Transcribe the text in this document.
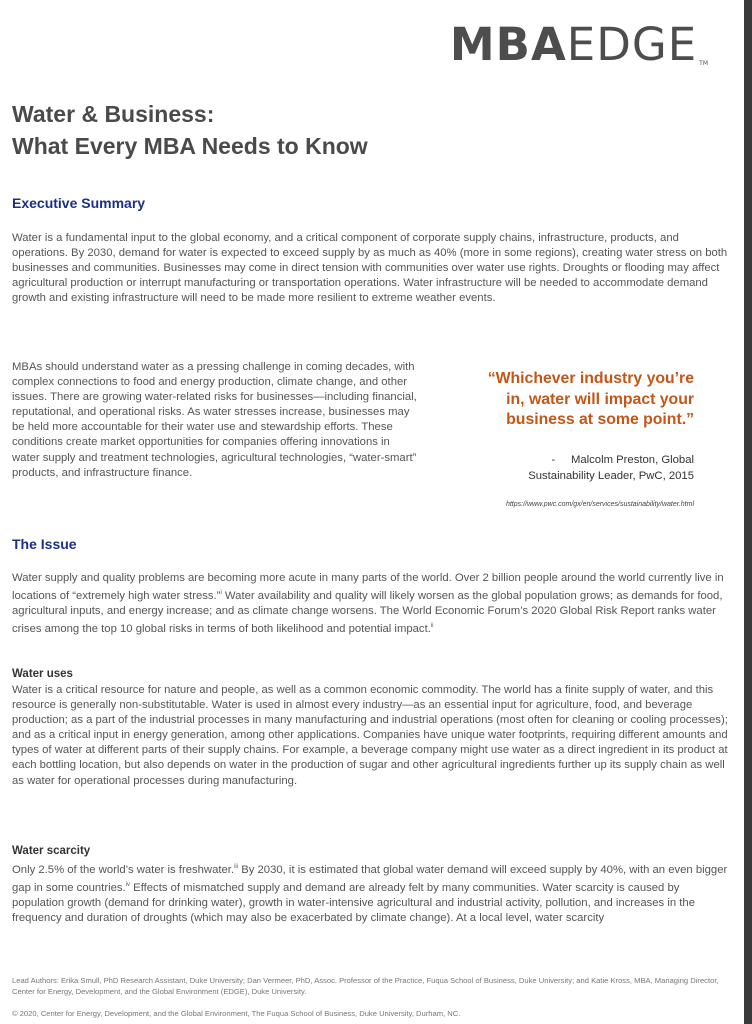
MBAEDGE TM
Water & Business:
What Every MBA Needs to Know
Executive Summary

Water is a fundamental input to the global economy, and a critical component of corporate supply chains, infrastructure, products, and operations. By 2030, demand for water is expected to exceed supply by as much as 40% (more in some regions), creating water stress on both businesses and communities. Businesses may come in direct tension with communities over water use rights. Droughts or flooding may affect agricultural production or interrupt manufacturing or transportation operations. Water infrastructure will be needed to accommodate demand growth and existing infrastructure will need to be made more resilient to extreme weather events.

MBAs should understand water as a pressing challenge in coming decades, with complex connections to food and energy production, climate change, and other issues. There are growing water-related risks for businesses—including financial, reputational, and operational risks. As water stresses increase, businesses may be held more accountable for their water use and stewardship efforts. These conditions create market opportunities for companies offering innovations in water supply and treatment technologies, agricultural technologies, “water-smart” products, and infrastructure finance.

“Whichever industry you’re
in, water will impact your
business at some point.”
-     Malcolm Preston, Global
Sustainability Leader, PwC, 2015
https://www.pwc.com/gx/en/services/sustainability/water.html
The Issue

Water supply and quality problems are becoming more acute in many parts of the world. Over 2 billion people around the world currently live in locations of “extremely high water stress.”$^i$ Water availability and quality will likely worsen as the global population grows; as demands for food, agricultural inputs, and energy increase; and as climate change worsens. The World Economic Forum’s 2020 Global Risk Report ranks water crises among the top 10 global risks in terms of both likelihood and potential impact.$^{ii}$

Water uses

Water is a critical resource for nature and people, as well as a common economic commodity. The world has a finite supply of water, and this resource is generally non-substitutable. Water is used in almost every industry—as an essential input for agriculture, food, and beverage production; as a part of the industrial processes in many manufacturing and industrial operations (most often for cleaning or cooling processes); and as a critical input in energy generation, among other applications. Companies have unique water footprints, requiring different amounts and types of water at different parts of their supply chains. For example, a beverage company might use water as a direct ingredient in its product at each bottling location, but also depends on water in the production of sugar and other agricultural ingredients further up its supply chain as well as water for operational processes during manufacturing.

Water scarcity

Only 2.5% of the world’s water is freshwater.$^{iii}$ By 2030, it is estimated that global water demand will exceed supply by 40%, with an even bigger gap in some countries.$^{iv}$ Effects of mismatched supply and demand are already felt by many communities. Water scarcity is caused by population growth (demand for drinking water), growth in water-intensive agricultural and industrial activity, pollution, and increases in the frequency and duration of droughts (which may also be exacerbated by climate change). At a local level, water scarcity

Lead Authors: Erika Smull, PhD Research Assistant, Duke University; Dan Vermeer, PhD, Assoc. Professor of the Practice, Fuqua School of Business, Duke University; and Katie Kross, MBA, Managing Director, Center for Energy, Development, and the Global Environment (EDGE), Duke University.

© 2020, Center for Energy, Development, and the Global Environment, The Fuqua School of Business, Duke University, Durham, NC.
